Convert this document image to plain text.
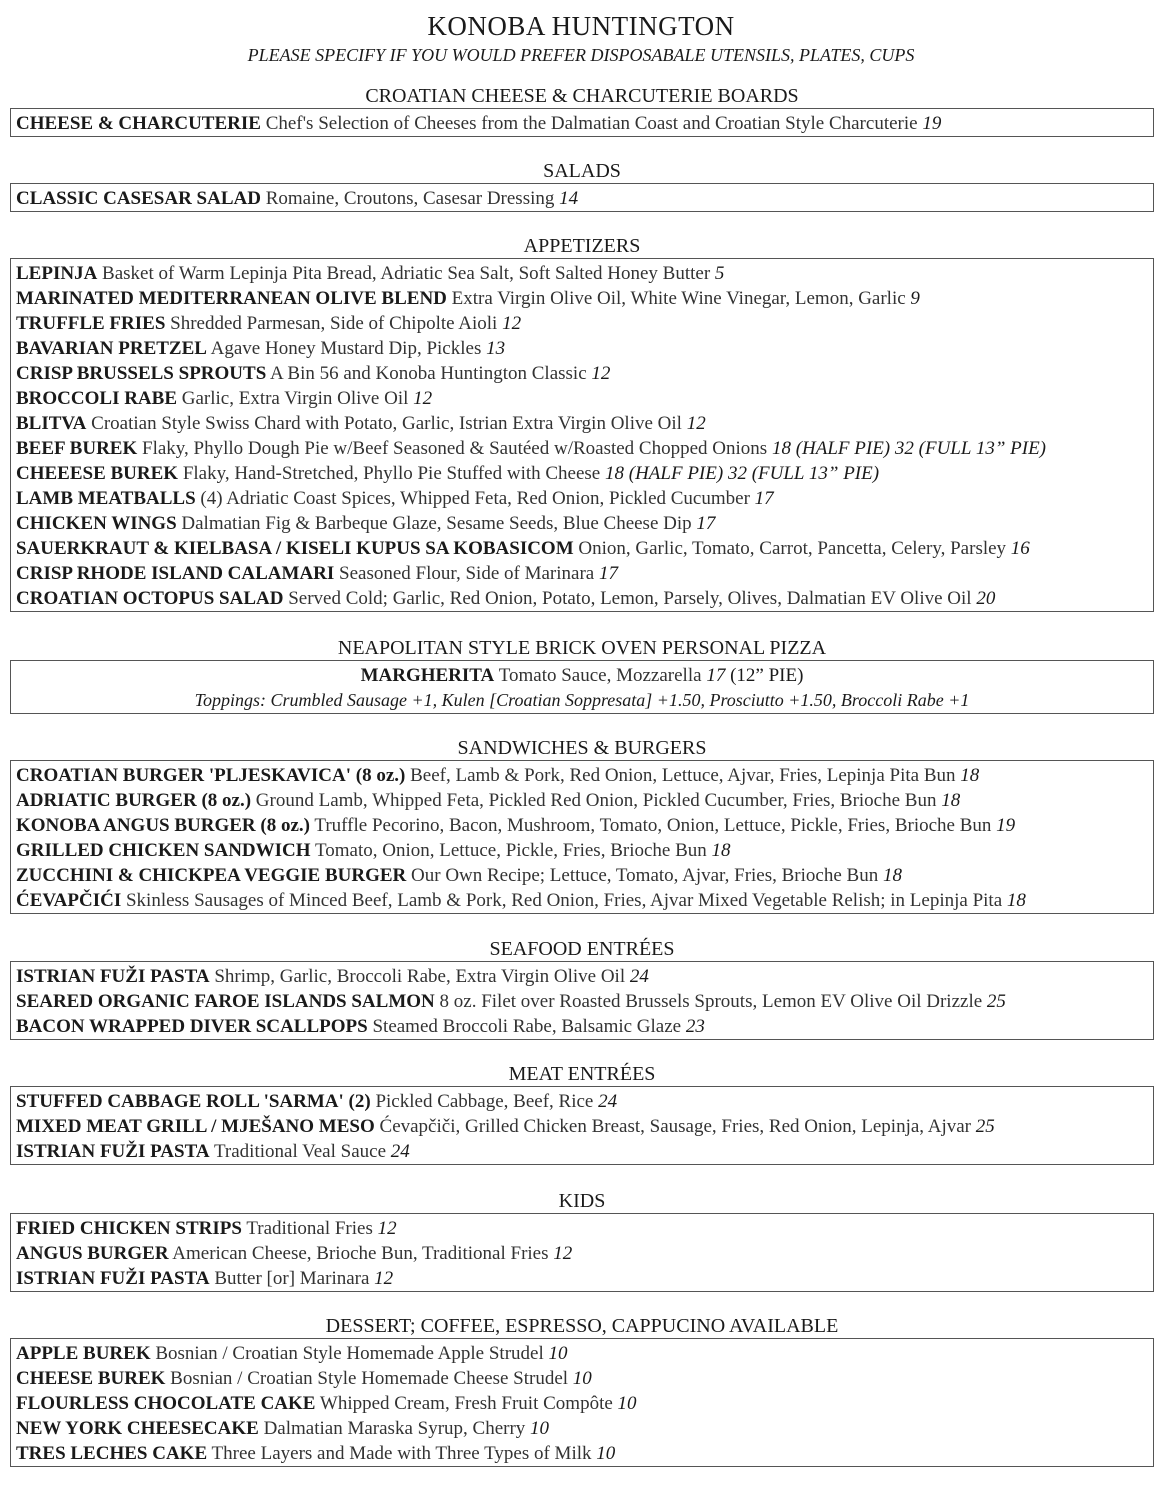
KONOBA HUNTINGTON
PLEASE SPECIFY IF YOU WOULD PREFER DISPOSABALE UTENSILS, PLATES, CUPS
CROATIAN CHEESE & CHARCUTERIE BOARDS
CHEESE & CHARCUTERIE Chef's Selection of Cheeses from the Dalmatian Coast and Croatian Style Charcuterie 19
SALADS
CLASSIC CASESAR SALAD Romaine, Croutons, Casesar Dressing 14
APPETIZERS
LEPINJA Basket of Warm Lepinja Pita Bread, Adriatic Sea Salt, Soft Salted Honey Butter 5
MARINATED MEDITERRANEAN OLIVE BLEND Extra Virgin Olive Oil, White Wine Vinegar, Lemon, Garlic 9
TRUFFLE FRIES Shredded Parmesan, Side of Chipolte Aioli 12
BAVARIAN PRETZEL Agave Honey Mustard Dip, Pickles 13
CRISP BRUSSELS SPROUTS A Bin 56 and Konoba Huntington Classic 12
BROCCOLI RABE Garlic, Extra Virgin Olive Oil 12
BLITVA Croatian Style Swiss Chard with Potato, Garlic, Istrian Extra Virgin Olive Oil 12
BEEF BUREK Flaky, Phyllo Dough Pie w/Beef Seasoned & Sautéed w/Roasted Chopped Onions 18 (HALF PIE) 32 (FULL 13” PIE)
CHEEESE BUREK Flaky, Hand-Stretched, Phyllo Pie Stuffed with Cheese 18 (HALF PIE) 32 (FULL 13” PIE)
LAMB MEATBALLS (4) Adriatic Coast Spices, Whipped Feta, Red Onion, Pickled Cucumber 17
CHICKEN WINGS Dalmatian Fig & Barbeque Glaze, Sesame Seeds, Blue Cheese Dip 17
SAUERKRAUT & KIELBASA / KISELI KUPUS SA KOBASICOM Onion, Garlic, Tomato, Carrot, Pancetta, Celery, Parsley 16
CRISP RHODE ISLAND CALAMARI Seasoned Flour, Side of Marinara 17
CROATIAN OCTOPUS SALAD Served Cold; Garlic, Red Onion, Potato, Lemon, Parsely, Olives, Dalmatian EV Olive Oil 20
NEAPOLITAN STYLE BRICK OVEN PERSONAL PIZZA
MARGHERITA Tomato Sauce, Mozzarella 17 (12” PIE)
Toppings: Crumbled Sausage +1, Kulen [Croatian Soppresata] +1.50, Prosciutto +1.50, Broccoli Rabe +1
SANDWICHES & BURGERS
CROATIAN BURGER 'PLJESKAVICA' (8 oz.) Beef, Lamb & Pork, Red Onion, Lettuce, Ajvar, Fries, Lepinja Pita Bun 18
ADRIATIC BURGER (8 oz.) Ground Lamb, Whipped Feta, Pickled Red Onion, Pickled Cucumber, Fries, Brioche Bun 18
KONOBA ANGUS BURGER (8 oz.) Truffle Pecorino, Bacon, Mushroom, Tomato, Onion, Lettuce, Pickle, Fries, Brioche Bun 19
GRILLED CHICKEN SANDWICH Tomato, Onion, Lettuce, Pickle, Fries, Brioche Bun 18
ZUCCHINI & CHICKPEA VEGGIE BURGER Our Own Recipe; Lettuce, Tomato, Ajvar, Fries, Brioche Bun 18
ĆEVAPČIĆI Skinless Sausages of Minced Beef, Lamb & Pork, Red Onion, Fries, Ajvar Mixed Vegetable Relish; in Lepinja Pita 18
SEAFOOD ENTRÉES
ISTRIAN FUŽI PASTA Shrimp, Garlic, Broccoli Rabe, Extra Virgin Olive Oil 24
SEARED ORGANIC FAROE ISLANDS SALMON 8 oz. Filet over Roasted Brussels Sprouts, Lemon EV Olive Oil Drizzle 25
BACON WRAPPED DIVER SCALLPOPS Steamed Broccoli Rabe, Balsamic Glaze 23
MEAT ENTRÉES
STUFFED CABBAGE ROLL 'SARMA' (2) Pickled Cabbage, Beef, Rice 24
MIXED MEAT GRILL / MJEŠANO MESO Ćevapčiči, Grilled Chicken Breast, Sausage, Fries, Red Onion, Lepinja, Ajvar 25
ISTRIAN FUŽI PASTA Traditional Veal Sauce 24
KIDS
FRIED CHICKEN STRIPS Traditional Fries 12
ANGUS BURGER American Cheese, Brioche Bun, Traditional Fries 12
ISTRIAN FUŽI PASTA Butter [or] Marinara 12
DESSERT; COFFEE, ESPRESSO, CAPPUCINO AVAILABLE
APPLE BUREK Bosnian / Croatian Style Homemade Apple Strudel 10
CHEESE BUREK Bosnian / Croatian Style Homemade Cheese Strudel 10
FLOURLESS CHOCOLATE CAKE Whipped Cream, Fresh Fruit Compôte 10
NEW YORK CHEESECAKE Dalmatian Maraska Syrup, Cherry 10
TRES LECHES CAKE Three Layers and Made with Three Types of Milk 10
